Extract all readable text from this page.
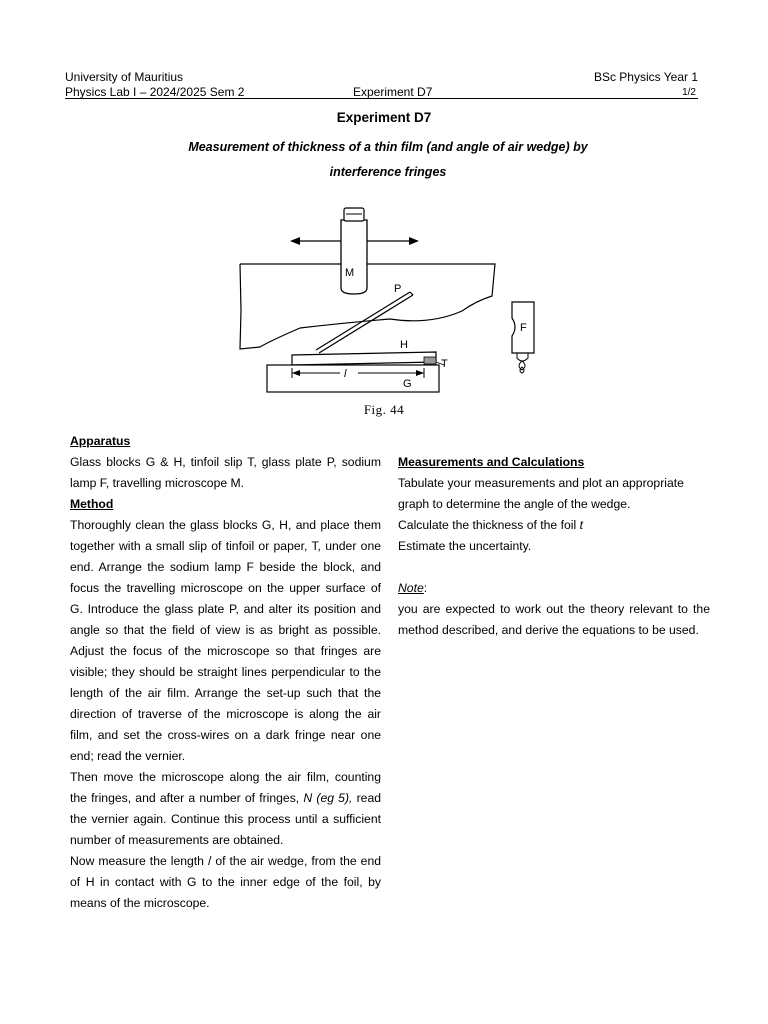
University of Mauritius	BSc Physics Year 1
Physics Lab I – 2024/2025 Sem 2	Experiment D7	1/2
Experiment D7
Measurement of thickness of a thin film (and angle of air wedge) by interference fringes
M
P
H
T
G
l
F
Fig. 44

Apparatus

Glass blocks G & H, tinfoil slip T, glass plate P, sodium lamp F, travelling microscope M.

Method

Thoroughly clean the glass blocks G, H, and place them together with a small slip of tinfoil or paper, T, under one end. Arrange the sodium lamp F beside the block, and focus the travelling microscope on the upper surface of G. Introduce the glass plate P, and alter its position and angle so that the field of view is as bright as possible. Adjust the focus of the microscope so that fringes are visible; they should be straight lines perpendicular to the length of the air film. Arrange the set-up such that the direction of traverse of the microscope is along the air film, and set the cross-wires on a dark fringe near one end; read the vernier.

Then move the microscope along the air film, counting the fringes, and after a number of fringes, N (eg 5), read the vernier again. Continue this process until a sufficient number of measurements are obtained.

Now measure the length / of the air wedge, from the end of H in contact with G to the inner edge of the foil, by means of the microscope.

Measurements and Calculations

Tabulate your measurements and plot an appropriate graph to determine the angle of the wedge.

Calculate the thickness of the foil t

Estimate the uncertainty.

Note:

you are expected to work out the theory relevant to the method described, and derive the equations to be used.
